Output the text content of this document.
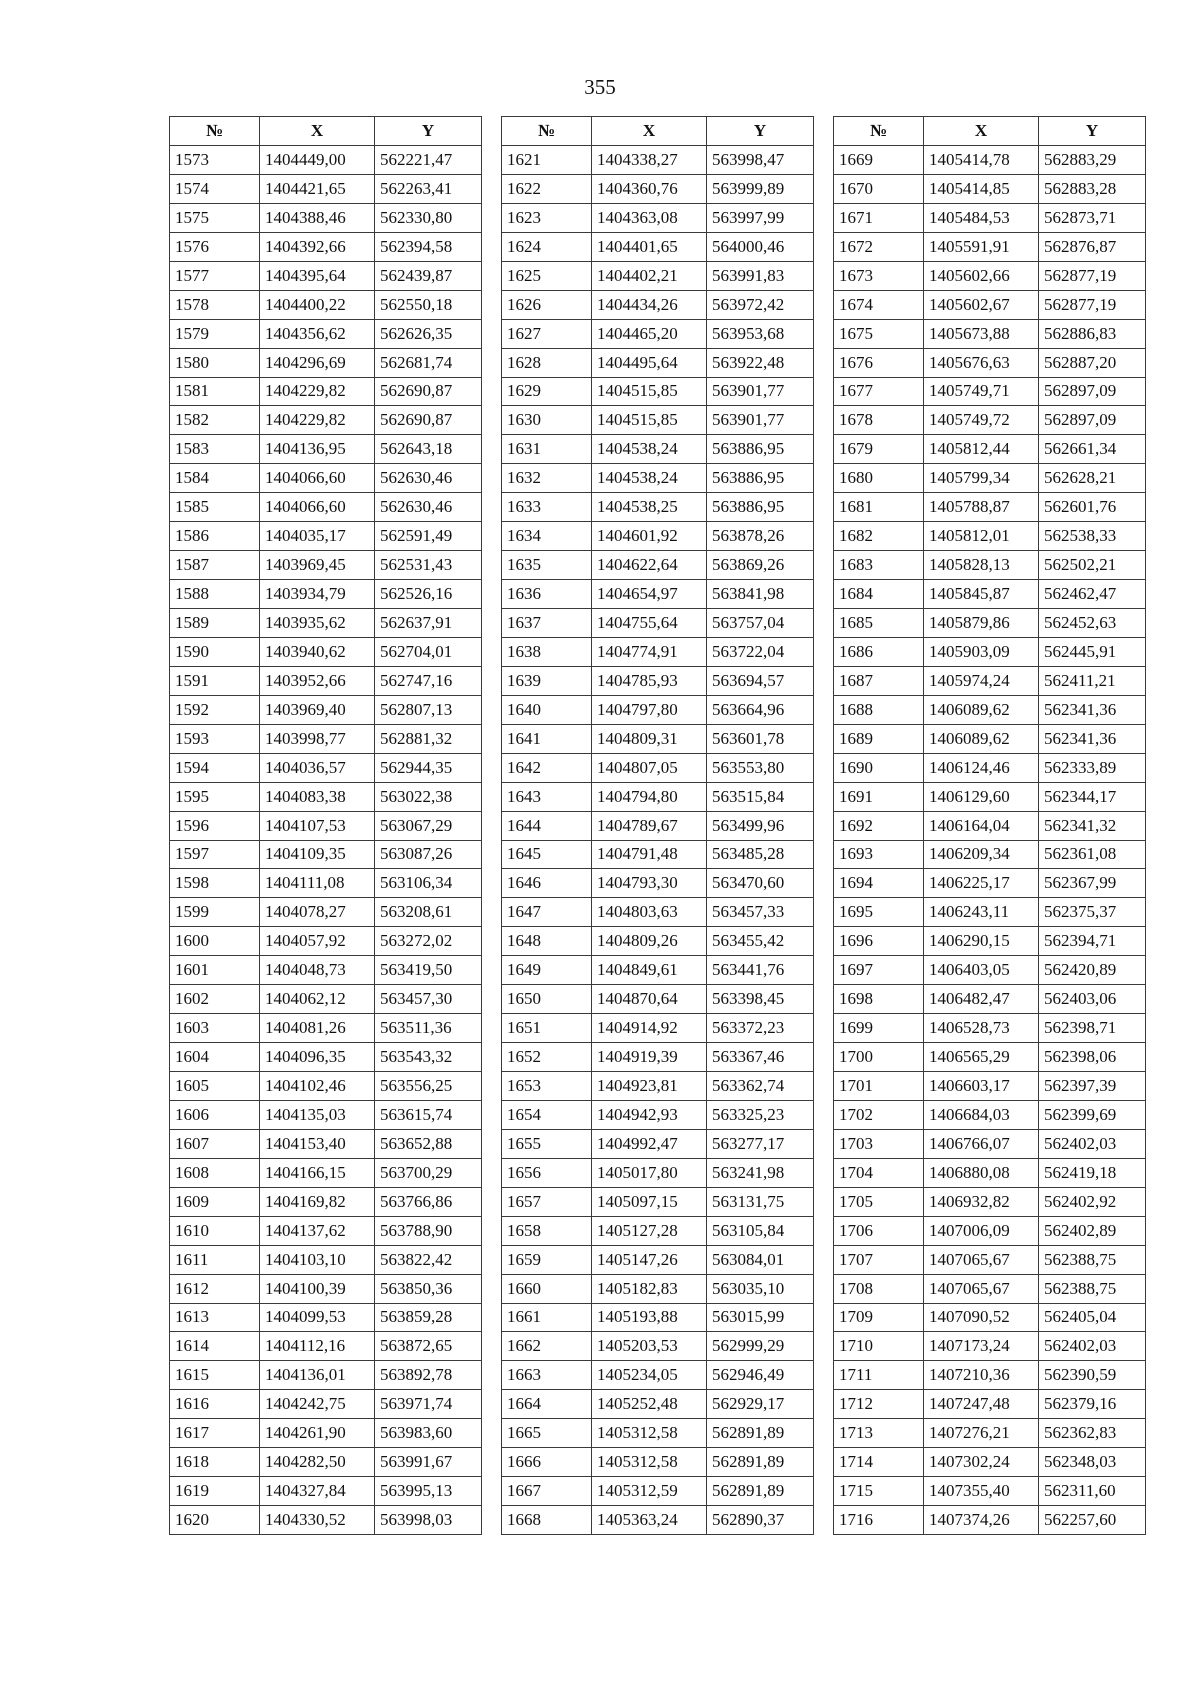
355
№	X	Y
1573	1404449,00	562221,47
1574	1404421,65	562263,41
1575	1404388,46	562330,80
1576	1404392,66	562394,58
1577	1404395,64	562439,87
1578	1404400,22	562550,18
1579	1404356,62	562626,35
1580	1404296,69	562681,74
1581	1404229,82	562690,87
1582	1404229,82	562690,87
1583	1404136,95	562643,18
1584	1404066,60	562630,46
1585	1404066,60	562630,46
1586	1404035,17	562591,49
1587	1403969,45	562531,43
1588	1403934,79	562526,16
1589	1403935,62	562637,91
1590	1403940,62	562704,01
1591	1403952,66	562747,16
1592	1403969,40	562807,13
1593	1403998,77	562881,32
1594	1404036,57	562944,35
1595	1404083,38	563022,38
1596	1404107,53	563067,29
1597	1404109,35	563087,26
1598	1404111,08	563106,34
1599	1404078,27	563208,61
1600	1404057,92	563272,02
1601	1404048,73	563419,50
1602	1404062,12	563457,30
1603	1404081,26	563511,36
1604	1404096,35	563543,32
1605	1404102,46	563556,25
1606	1404135,03	563615,74
1607	1404153,40	563652,88
1608	1404166,15	563700,29
1609	1404169,82	563766,86
1610	1404137,62	563788,90
1611	1404103,10	563822,42
1612	1404100,39	563850,36
1613	1404099,53	563859,28
1614	1404112,16	563872,65
1615	1404136,01	563892,78
1616	1404242,75	563971,74
1617	1404261,90	563983,60
1618	1404282,50	563991,67
1619	1404327,84	563995,13
1620	1404330,52	563998,03
№	X	Y
1621	1404338,27	563998,47
1622	1404360,76	563999,89
1623	1404363,08	563997,99
1624	1404401,65	564000,46
1625	1404402,21	563991,83
1626	1404434,26	563972,42
1627	1404465,20	563953,68
1628	1404495,64	563922,48
1629	1404515,85	563901,77
1630	1404515,85	563901,77
1631	1404538,24	563886,95
1632	1404538,24	563886,95
1633	1404538,25	563886,95
1634	1404601,92	563878,26
1635	1404622,64	563869,26
1636	1404654,97	563841,98
1637	1404755,64	563757,04
1638	1404774,91	563722,04
1639	1404785,93	563694,57
1640	1404797,80	563664,96
1641	1404809,31	563601,78
1642	1404807,05	563553,80
1643	1404794,80	563515,84
1644	1404789,67	563499,96
1645	1404791,48	563485,28
1646	1404793,30	563470,60
1647	1404803,63	563457,33
1648	1404809,26	563455,42
1649	1404849,61	563441,76
1650	1404870,64	563398,45
1651	1404914,92	563372,23
1652	1404919,39	563367,46
1653	1404923,81	563362,74
1654	1404942,93	563325,23
1655	1404992,47	563277,17
1656	1405017,80	563241,98
1657	1405097,15	563131,75
1658	1405127,28	563105,84
1659	1405147,26	563084,01
1660	1405182,83	563035,10
1661	1405193,88	563015,99
1662	1405203,53	562999,29
1663	1405234,05	562946,49
1664	1405252,48	562929,17
1665	1405312,58	562891,89
1666	1405312,58	562891,89
1667	1405312,59	562891,89
1668	1405363,24	562890,37
№	X	Y
1669	1405414,78	562883,29
1670	1405414,85	562883,28
1671	1405484,53	562873,71
1672	1405591,91	562876,87
1673	1405602,66	562877,19
1674	1405602,67	562877,19
1675	1405673,88	562886,83
1676	1405676,63	562887,20
1677	1405749,71	562897,09
1678	1405749,72	562897,09
1679	1405812,44	562661,34
1680	1405799,34	562628,21
1681	1405788,87	562601,76
1682	1405812,01	562538,33
1683	1405828,13	562502,21
1684	1405845,87	562462,47
1685	1405879,86	562452,63
1686	1405903,09	562445,91
1687	1405974,24	562411,21
1688	1406089,62	562341,36
1689	1406089,62	562341,36
1690	1406124,46	562333,89
1691	1406129,60	562344,17
1692	1406164,04	562341,32
1693	1406209,34	562361,08
1694	1406225,17	562367,99
1695	1406243,11	562375,37
1696	1406290,15	562394,71
1697	1406403,05	562420,89
1698	1406482,47	562403,06
1699	1406528,73	562398,71
1700	1406565,29	562398,06
1701	1406603,17	562397,39
1702	1406684,03	562399,69
1703	1406766,07	562402,03
1704	1406880,08	562419,18
1705	1406932,82	562402,92
1706	1407006,09	562402,89
1707	1407065,67	562388,75
1708	1407065,67	562388,75
1709	1407090,52	562405,04
1710	1407173,24	562402,03
1711	1407210,36	562390,59
1712	1407247,48	562379,16
1713	1407276,21	562362,83
1714	1407302,24	562348,03
1715	1407355,40	562311,60
1716	1407374,26	562257,60
